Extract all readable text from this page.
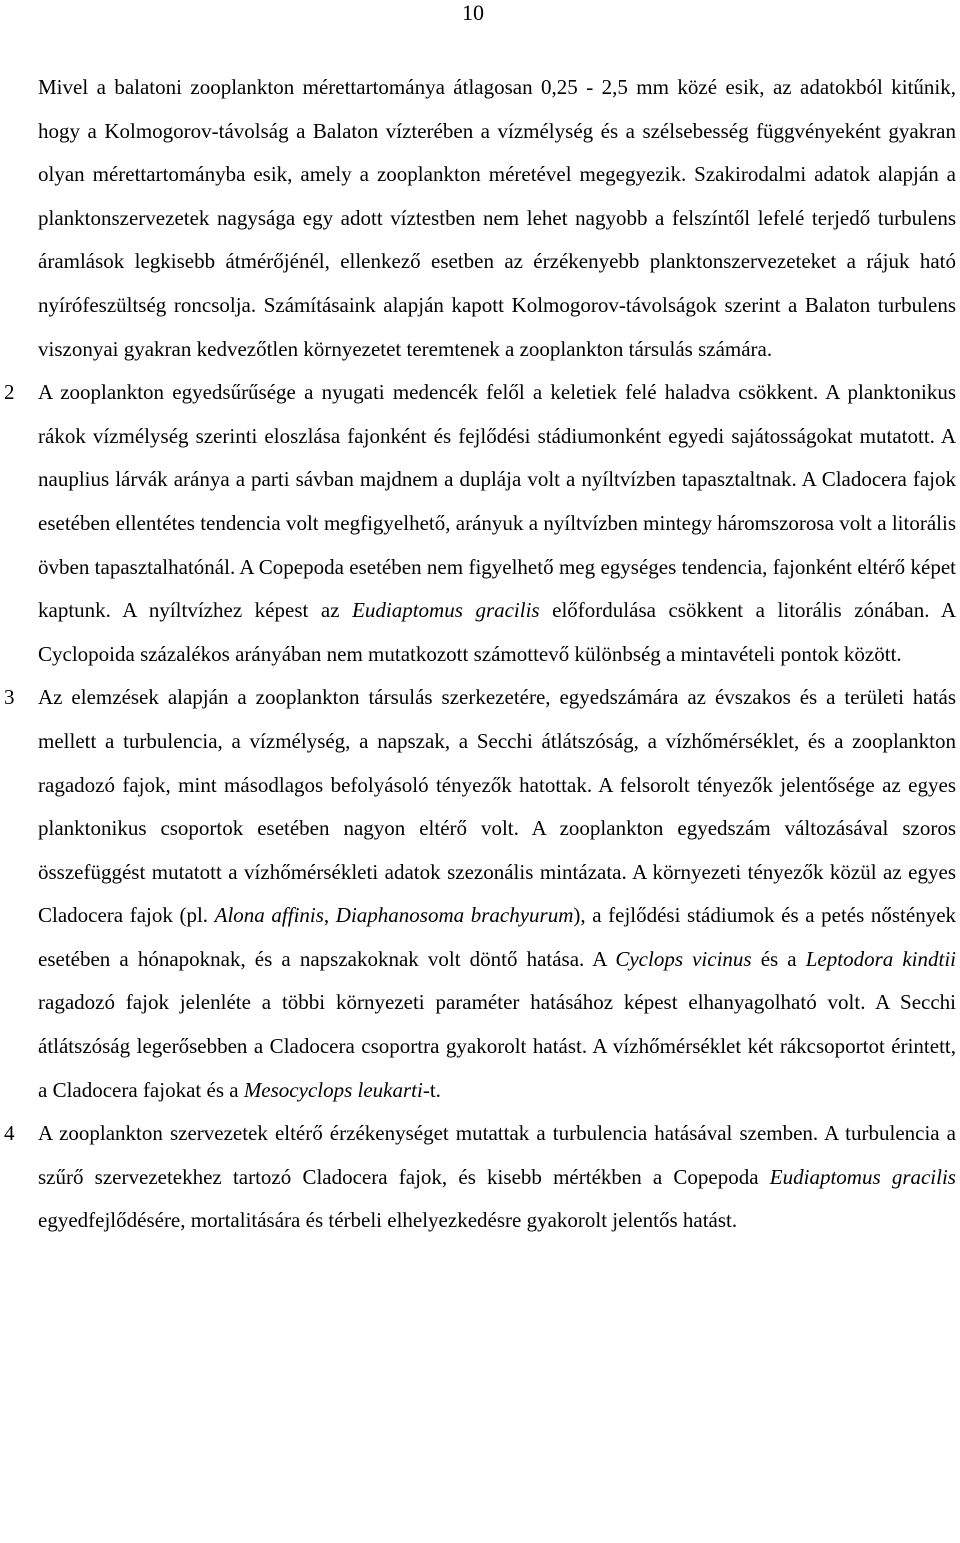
10

Mivel a balatoni zooplankton mérettartománya átlagosan 0,25 - 2,5 mm közé esik, az adatokból kitűnik, hogy a Kolmogorov-távolság a Balaton vízterében a vízmélység és a szélsebesség függvényeként gyakran olyan mérettartományba esik, amely a zooplankton méretével megegyezik. Szakirodalmi adatok alapján a planktonszervezetek nagysága egy adott víztestben nem lehet nagyobb a felszíntől lefelé terjedő turbulens áramlások legkisebb átmérőjénél, ellenkező esetben az érzékenyebb planktonszervezeteket a rájuk ható nyírófeszültség roncsolja. Számításaink alapján kapott Kolmogorov-távolságok szerint a Balaton turbulens viszonyai gyakran kedvezőtlen környezetet teremtenek a zooplankton társulás számára.

2 A zooplankton egyedsűrűsége a nyugati medencék felől a keletiek felé haladva csökkent. A planktonikus rákok vízmélység szerinti eloszlása fajonként és fejlődési stádiumonként egyedi sajátosságokat mutatott. A nauplius lárvák aránya a parti sávban majdnem a duplája volt a nyíltvízben tapasztaltnak. A Cladocera fajok esetében ellentétes tendencia volt megfigyelhető, arányuk a nyíltvízben mintegy háromszorosa volt a litorális övben tapasztalhatónál. A Copepoda esetében nem figyelhető meg egységes tendencia, fajonként eltérő képet kaptunk. A nyíltvízhez képest az Eudiaptomus gracilis előfordulása csökkent a litorális zónában. A Cyclopoida százalékos arányában nem mutatkozott számottevő különbség a mintavételi pontok között.

3 Az elemzések alapján a zooplankton társulás szerkezetére, egyedszámára az évszakos és a területi hatás mellett a turbulencia, a vízmélység, a napszak, a Secchi átlátszóság, a vízhőmérséklet, és a zooplankton ragadozó fajok, mint másodlagos befolyásoló tényezők hatottak. A felsorolt tényezők jelentősége az egyes planktonikus csoportok esetében nagyon eltérő volt. A zooplankton egyedszám változásával szoros összefüggést mutatott a vízhőmérsékleti adatok szezonális mintázata. A környezeti tényezők közül az egyes Cladocera fajok (pl. Alona affinis, Diaphanosoma brachyurum), a fejlődési stádiumok és a petés nőstények esetében a hónapoknak, és a napszakoknak volt döntő hatása. A Cyclops vicinus és a Leptodora kindtii ragadozó fajok jelenléte a többi környezeti paraméter hatásához képest elhanyagolható volt. A Secchi átlátszóság legerősebben a Cladocera csoportra gyakorolt hatást. A vízhőmérséklet két rákcsoportot érintett, a Cladocera fajokat és a Mesocyclops leukarti-t.

4 A zooplankton szervezetek eltérő érzékenységet mutattak a turbulencia hatásával szemben. A turbulencia a szűrő szervezetekhez tartozó Cladocera fajok, és kisebb mértékben a Copepoda Eudiaptomus gracilis egyedfejlődésére, mortalitására és térbeli elhelyezkedésre gyakorolt jelentős hatást.
